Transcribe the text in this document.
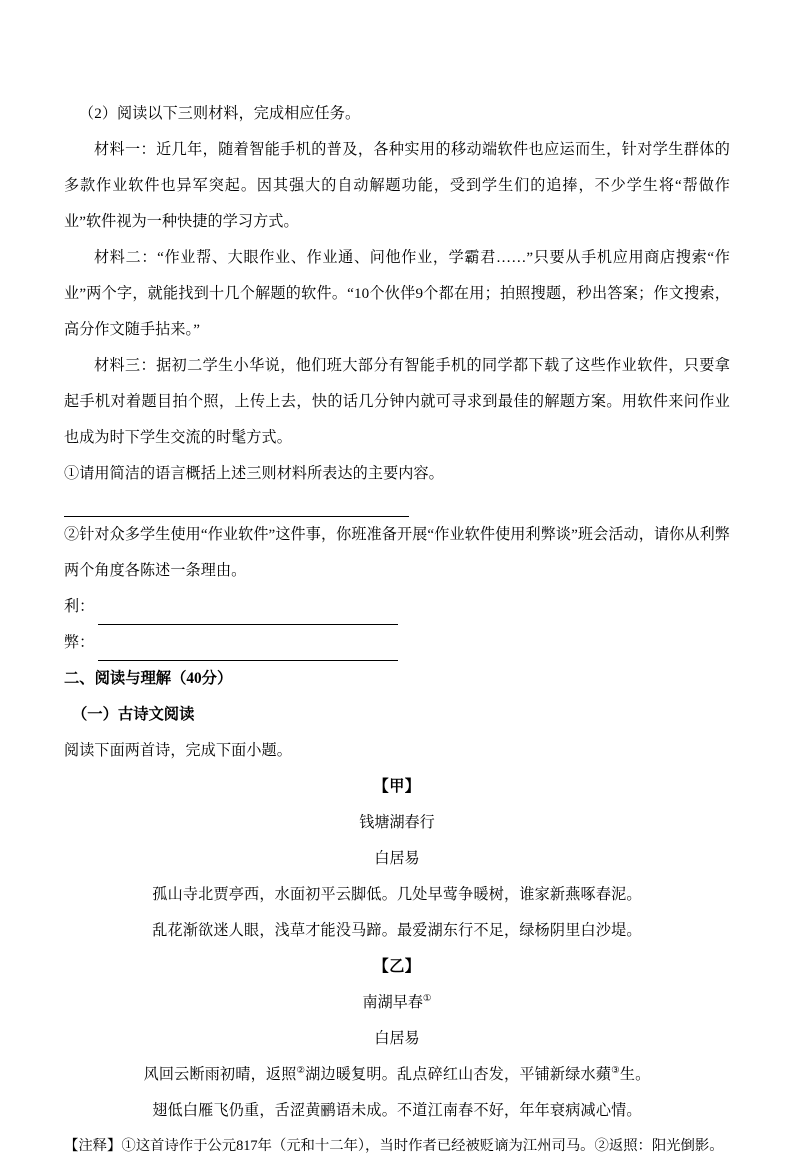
（2）阅读以下三则材料，完成相应任务。

材料一：近几年，随着智能手机的普及，各种实用的移动端软件也应运而生，针对学生群体的多款作业软件也异军突起。因其强大的自动解题功能，受到学生们的追捧，不少学生将“帮做作业”软件视为一种快捷的学习方式。

材料二：“作业帮、大眼作业、作业通、问他作业，学霸君……”只要从手机应用商店搜索“作业”两个字，就能找到十几个解题的软件。“10个伙伴9个都在用；拍照搜题，秒出答案；作文搜索，高分作文随手拈来。”

材料三：据初二学生小华说，他们班大部分有智能手机的同学都下载了这些作业软件，只要拿起手机对着题目拍个照，上传上去，快的话几分钟内就可寻求到最佳的解题方案。用软件来问作业也成为时下学生交流的时髦方式。

①请用简洁的语言概括上述三则材料所表达的主要内容。

②针对众多学生使用“作业软件”这件事，你班准备开展“作业软件使用利弊谈”班会活动，请你从利弊两个角度各陈述一条理由。

利：
弊：

二、阅读与理解（40分）

（一）古诗文阅读

阅读下面两首诗，完成下面小题。

【甲】

钱塘湖春行

白居易

孤山寺北贾亭西，水面初平云脚低。几处早莺争暖树，谁家新燕啄春泥。

乱花渐欲迷人眼，浅草才能没马蹄。最爱湖东行不足，绿杨阴里白沙堤。

【乙】

南湖早春①

白居易

风回云断雨初晴，返照②湖边暖复明。乱点碎红山杏发，平铺新绿水蘋③生。

翅低白雁飞仍重，舌涩黄鹂语未成。不道江南春不好，年年衰病减心情。

【注释】①这首诗作于公元817年（元和十二年），当时作者已经被贬谪为江州司马。②返照：阳光倒影。
